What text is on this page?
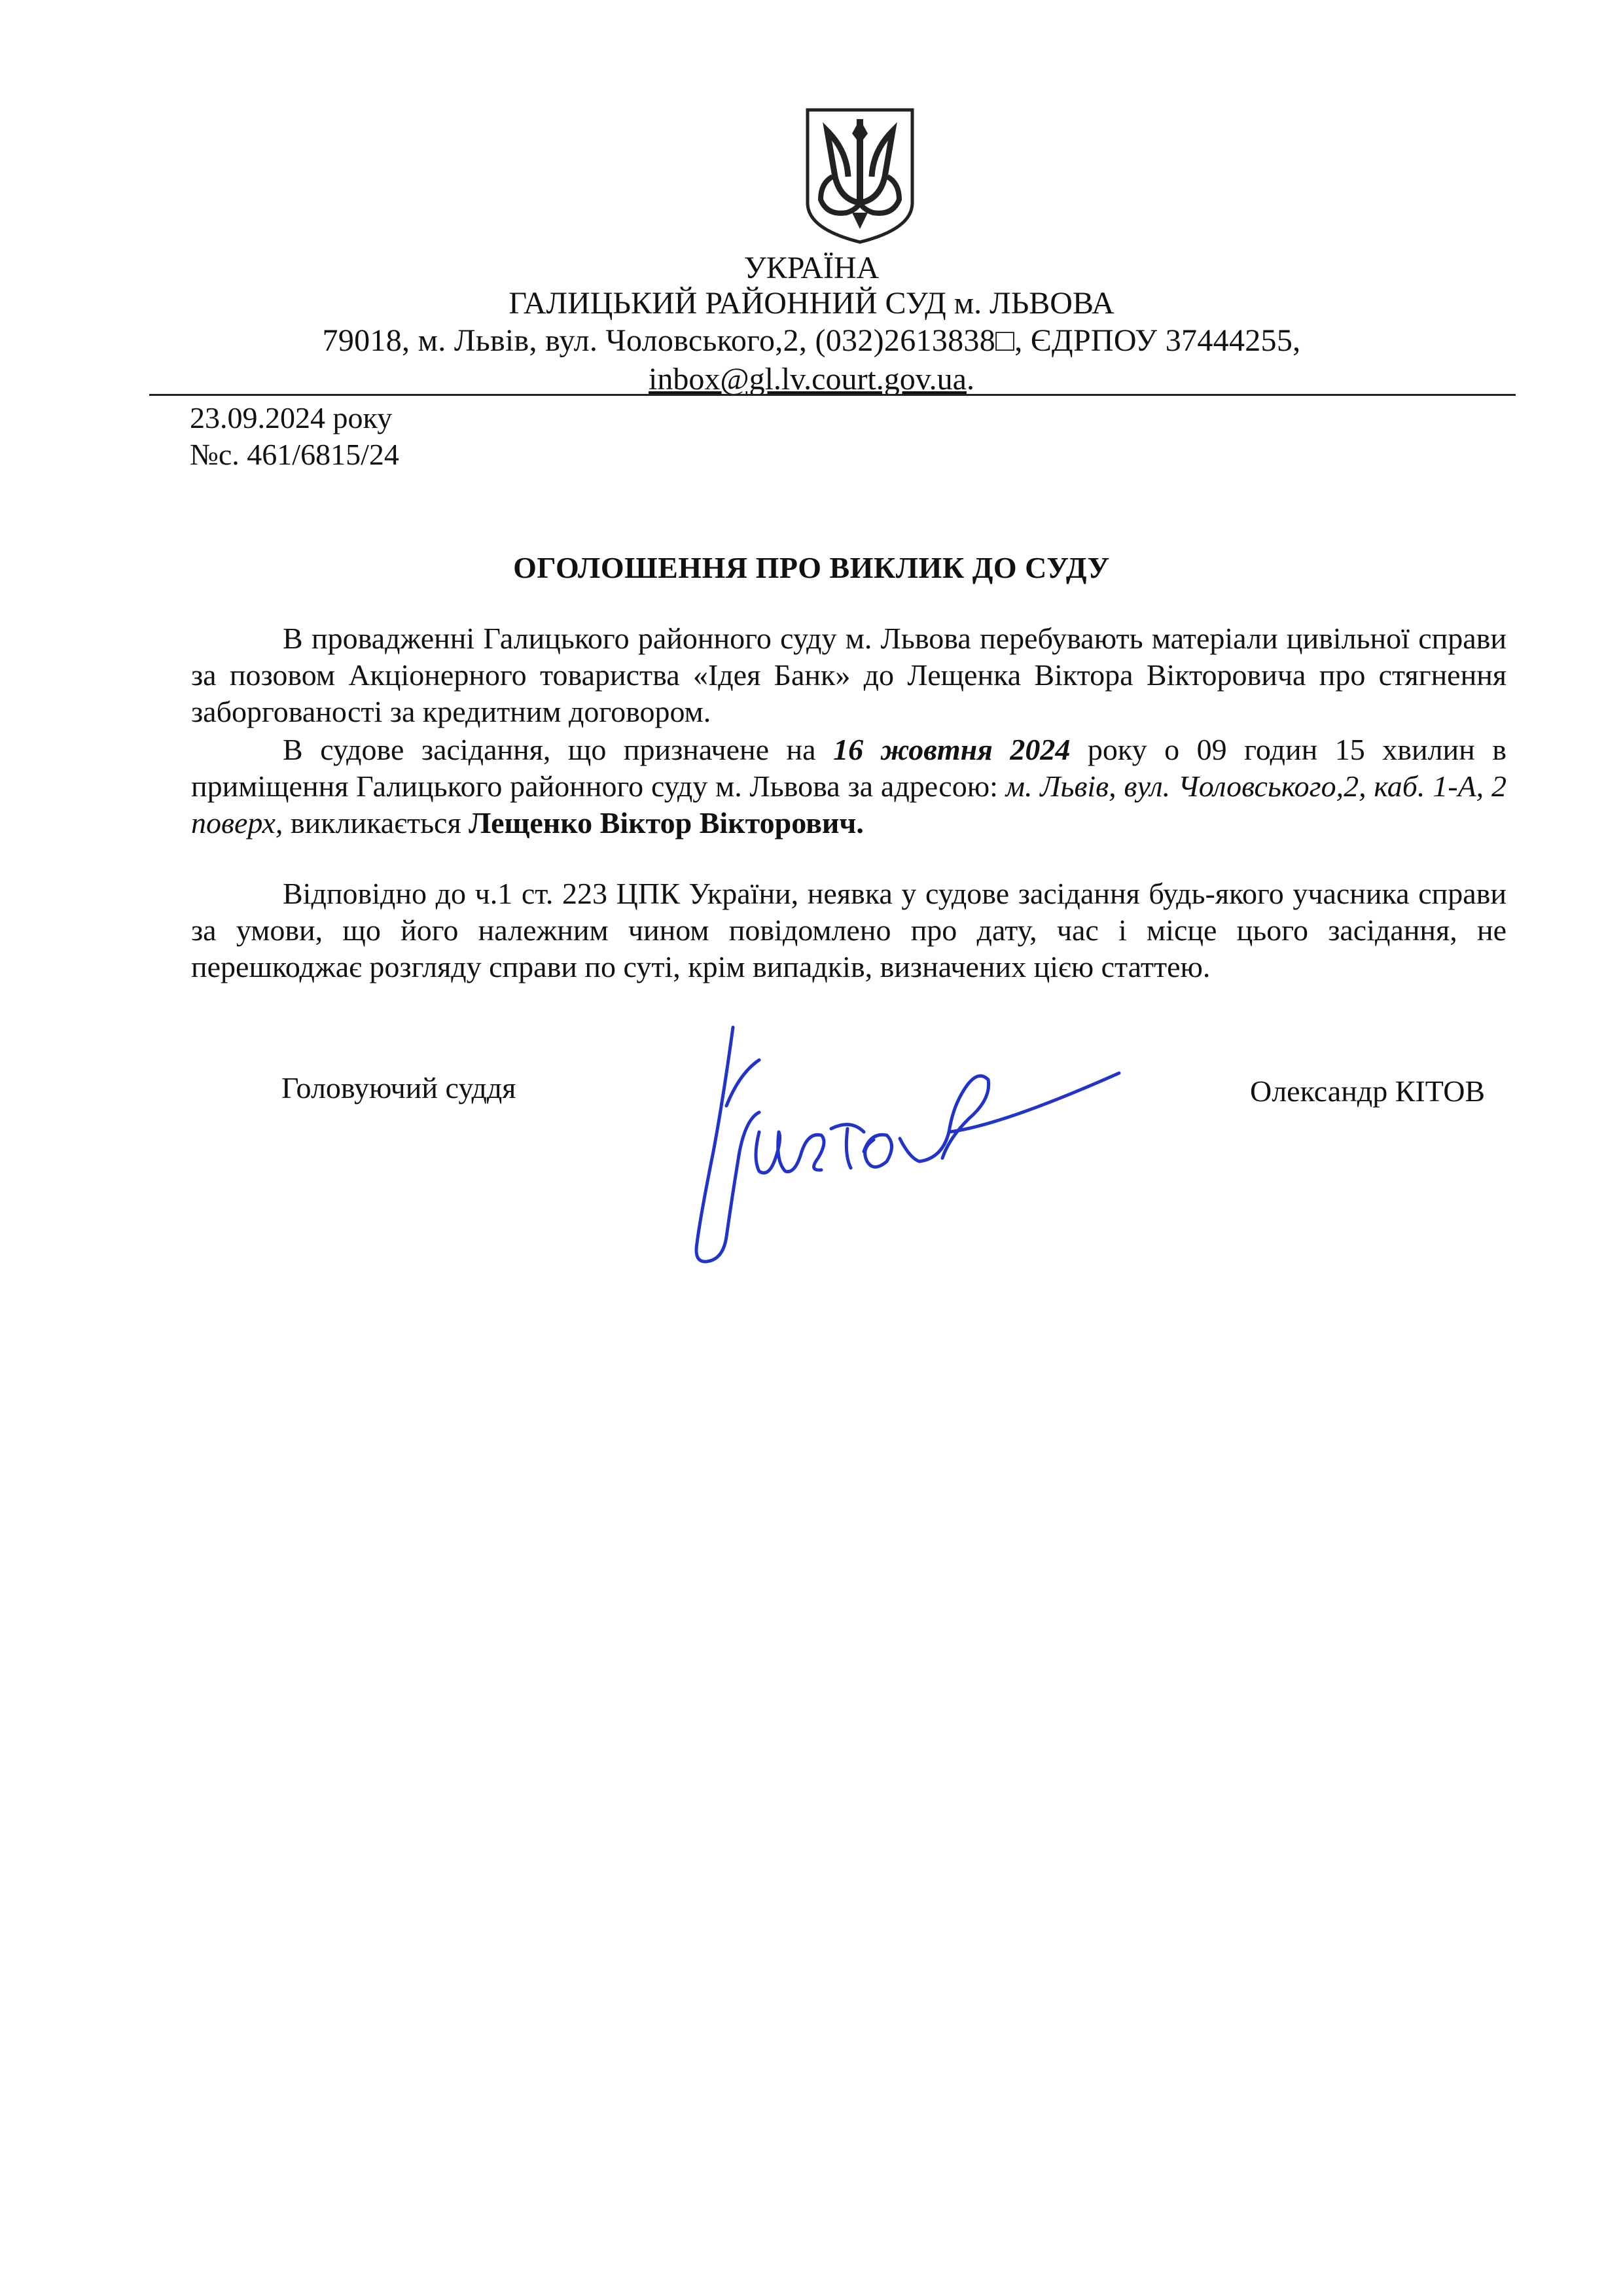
УКРАЇНА
ГАЛИЦЬКИЙ РАЙОННИЙ СУД м. ЛЬВОВА
79018, м. Львів, вул. Чоловського,2, (032)2613838□, ЄДРПОУ 37444255,
inbox@gl.lv.court.gov.ua.
23.09.2024 року
№с. 461/6815/24
ОГОЛОШЕННЯ ПРО ВИКЛИК ДО СУДУ
В провадженні Галицького районного суду м. Львова перебувають матеріали цивільної справи за позовом Акціонерного товариства «Ідея Банк» до Лещенка Віктора Вікторовича про стягнення заборгованості за кредитним договором.
В судове засідання, що призначене на 16 жовтня 2024 року о 09 годин 15 хвилин в приміщення Галицького районного суду м. Львова за адресою: м. Львів, вул. Чоловського,2, каб. 1-А, 2 поверх, викликається Лещенко Віктор Вікторович.
Відповідно до ч.1 ст. 223 ЦПК України, неявка у судове засідання будь-якого учасника справи за умови, що його належним чином повідомлено про дату, час і місце цього засідання, не перешкоджає розгляду справи по суті, крім випадків, визначених цією статтею.
Головуючий суддя	Олександр КІТОВ
